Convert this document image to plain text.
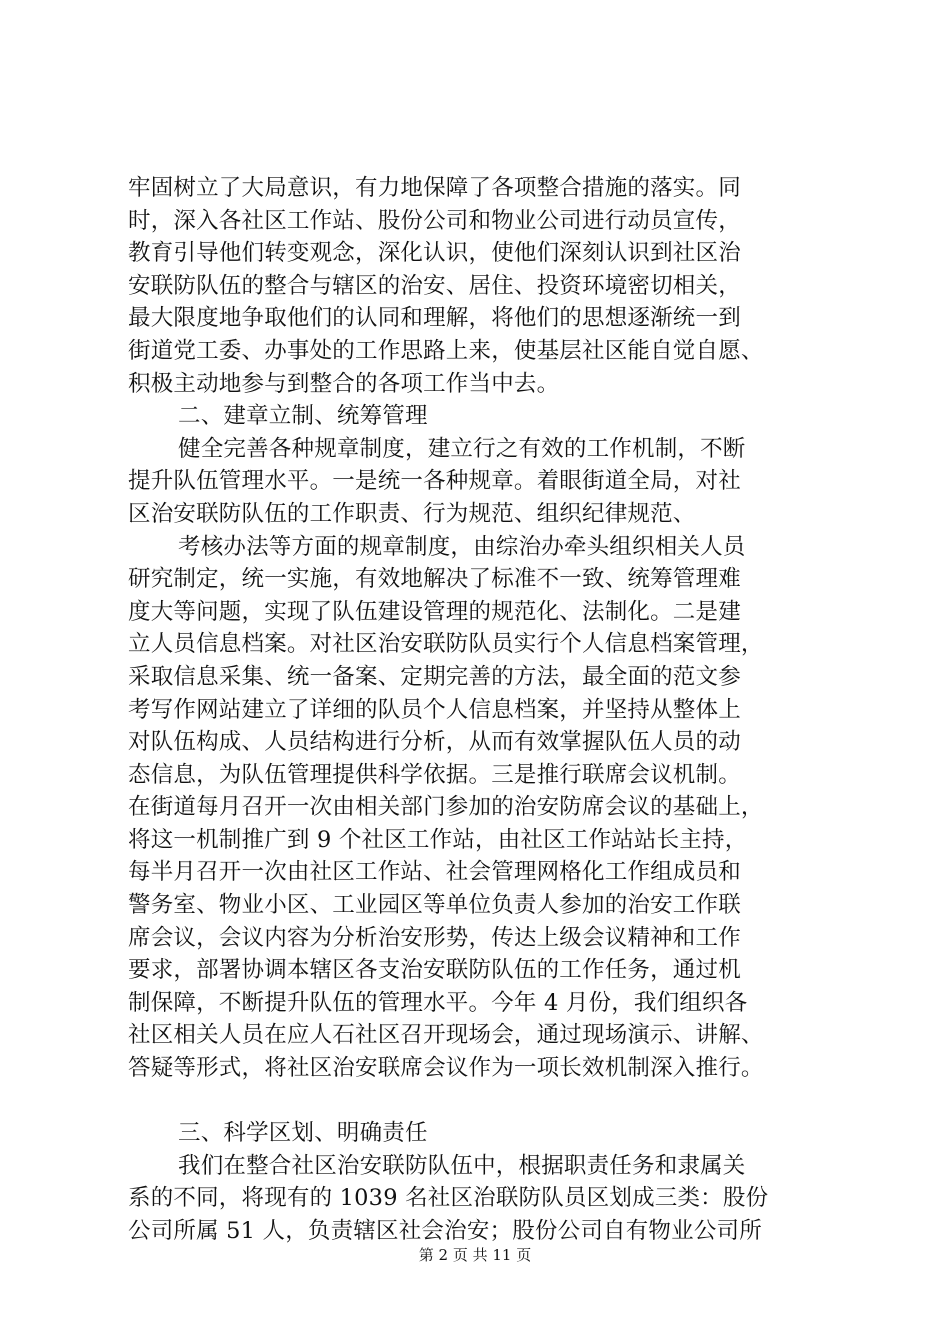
牢固树立了大局意识，有力地保障了各项整合措施的落实。同
时，深入各社区工作站、股份公司和物业公司进行动员宣传，
教育引导他们转变观念，深化认识，使他们深刻认识到社区治
安联防队伍的整合与辖区的治安、居住、投资环境密切相关，
最大限度地争取他们的认同和理解，将他们的思想逐渐统一到
街道党工委、办事处的工作思路上来，使基层社区能自觉自愿、
积极主动地参与到整合的各项工作当中去。
二、建章立制、统筹管理
健全完善各种规章制度，建立行之有效的工作机制，不断
提升队伍管理水平。一是统一各种规章。着眼街道全局，对社
区治安联防队伍的工作职责、行为规范、组织纪律规范、
考核办法等方面的规章制度，由综治办牵头组织相关人员
研究制定，统一实施，有效地解决了标准不一致、统筹管理难
度大等问题，实现了队伍建设管理的规范化、法制化。二是建
立人员信息档案。对社区治安联防队员实行个人信息档案管理，
采取信息采集、统一备案、定期完善的方法，最全面的范文参
考写作网站建立了详细的队员个人信息档案，并坚持从整体上
对队伍构成、人员结构进行分析，从而有效掌握队伍人员的动
态信息，为队伍管理提供科学依据。三是推行联席会议机制。
在街道每月召开一次由相关部门参加的治安防席会议的基础上，
将这一机制推广到 9 个社区工作站，由社区工作站站长主持，
每半月召开一次由社区工作站、社会管理网格化工作组成员和
警务室、物业小区、工业园区等单位负责人参加的治安工作联
席会议，会议内容为分析治安形势，传达上级会议精神和工作
要求，部署协调本辖区各支治安联防队伍的工作任务，通过机
制保障，不断提升队伍的管理水平。今年 4 月份，我们组织各
社区相关人员在应人石社区召开现场会，通过现场演示、讲解、
答疑等形式，将社区治安联席会议作为一项长效机制深入推行。
三、科学区划、明确责任
我们在整合社区治安联防队伍中，根据职责任务和隶属关
系的不同，将现有的 1039 名社区治联防队员区划成三类：股份
公司所属 51 人，负责辖区社会治安；股份公司自有物业公司所
第 2 页 共 11 页
